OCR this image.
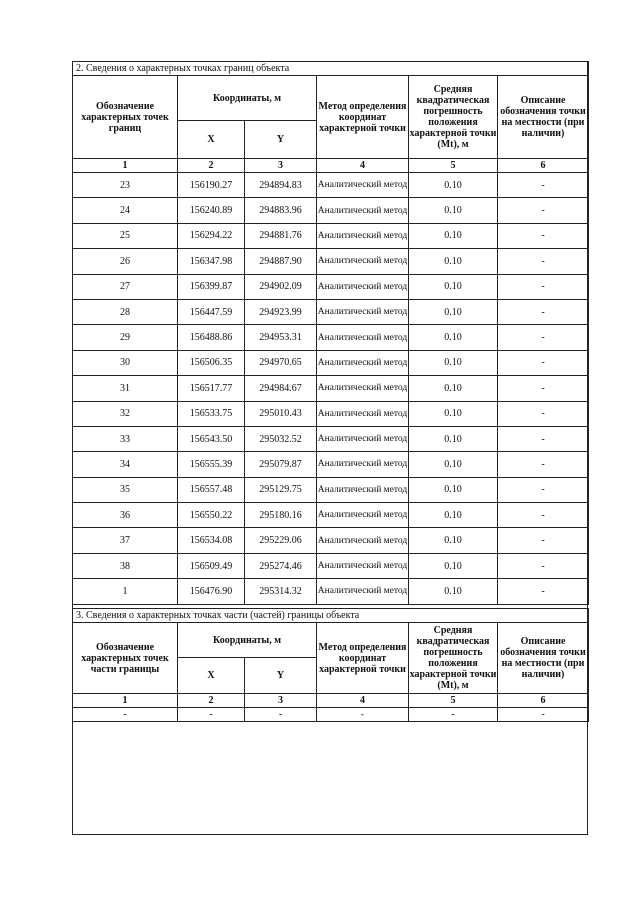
2. Сведения о характерных точках границ объекта					
Обозначение характерных точек границ	Координаты, м		Метод определения координат характерной точки	Средняя квадратическая погрешность положения характерной точки (Mt), м	Описание обозначения точки на местности (при наличии)
	X	Y			
1	2	3	4	5	6
23	156190.27	294894.83	Аналитический метод	0.10	-
24	156240.89	294883.96	Аналитический метод	0.10	-
25	156294.22	294881.76	Аналитический метод	0.10	-
26	156347.98	294887.90	Аналитический метод	0.10	-
27	156399.87	294902.09	Аналитический метод	0.10	-
28	156447.59	294923.99	Аналитический метод	0.10	-
29	156488.86	294953.31	Аналитический метод	0.10	-
30	156506.35	294970.65	Аналитический метод	0.10	-
31	156517.77	294984.67	Аналитический метод	0.10	-
32	156533.75	295010.43	Аналитический метод	0.10	-
33	156543.50	295032.52	Аналитический метод	0.10	-
34	156555.39	295079.87	Аналитический метод	0.10	-
35	156557.48	295129.75	Аналитический метод	0.10	-
36	156550.22	295180.16	Аналитический метод	0.10	-
37	156534.08	295229.06	Аналитический метод	0.10	-
38	156509.49	295274.46	Аналитический метод	0.10	-
1	156476.90	295314.32	Аналитический метод	0.10	-
3. Сведения о характерных точках части (частей) границы объекта					
Обозначение характерных точек части границы	Координаты, м		Метод определения координат характерной точки	Средняя квадратическая погрешность положения характерной точки (Mt), м	Описание обозначения точки на местности (при наличии)
	X	Y			
1	2	3	4	5	6
-	-	-	-	-	-
